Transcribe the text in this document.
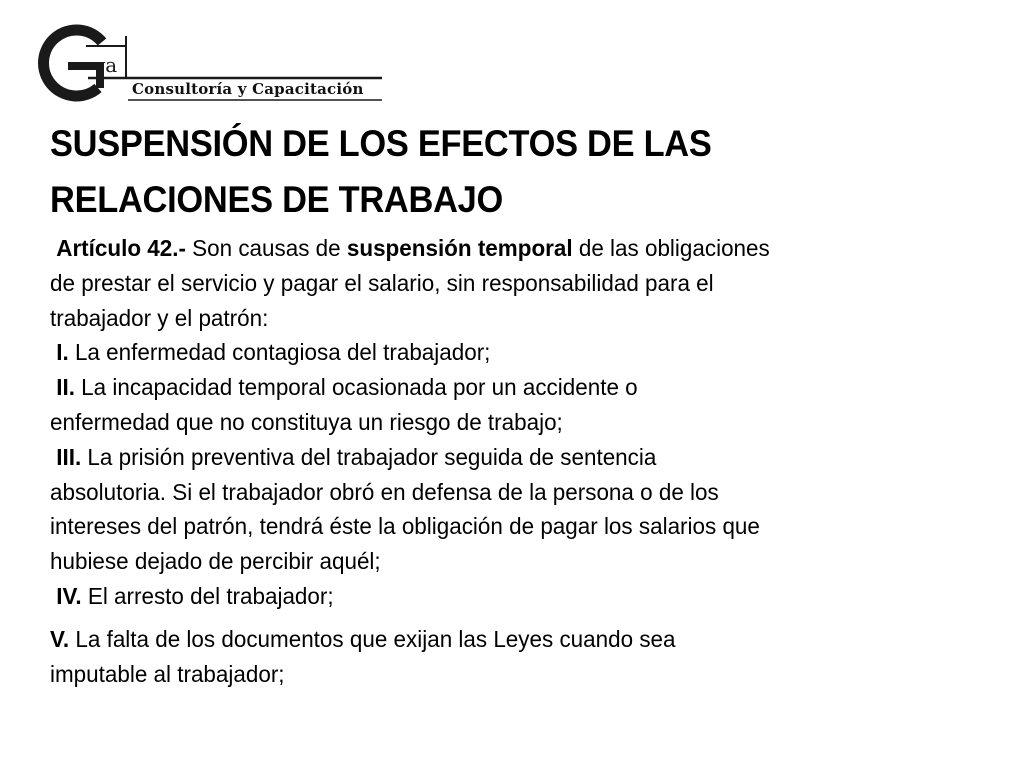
va
Consultoría y Capacitación
SUSPENSIÓN DE LOS EFECTOS DE LAS
RELACIONES DE TRABAJO
Artículo 42.- Son causas de suspensión temporal de las obligaciones
de prestar el servicio y pagar el salario, sin responsabilidad para el
trabajador y el patrón:
I. La enfermedad contagiosa del trabajador;
II. La incapacidad temporal ocasionada por un accidente o
enfermedad que no constituya un riesgo de trabajo;
III. La prisión preventiva del trabajador seguida de sentencia
absolutoria. Si el trabajador obró en defensa de la persona o de los
intereses del patrón, tendrá éste la obligación de pagar los salarios que
hubiese dejado de percibir aquél;
IV. El arresto del trabajador;
V. La falta de los documentos que exijan las Leyes cuando sea
imputable al trabajador;
